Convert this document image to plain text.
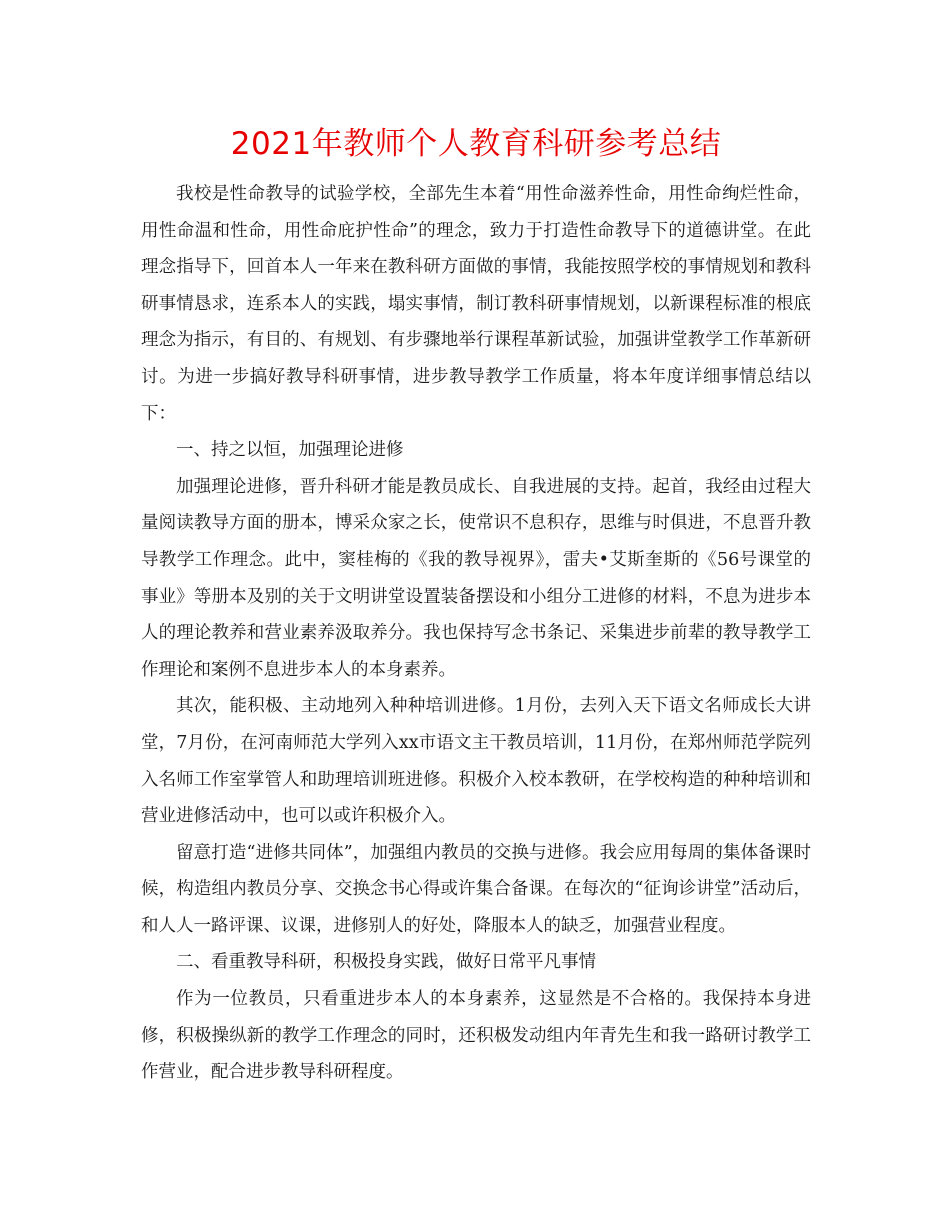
2021年教师个人教育科研参考总结

我校是性命教导的试验学校，全部先生本着“用性命滋养性命，用性命绚烂性命，用性命温和性命，用性命庇护性命”的理念，致力于打造性命教导下的道德讲堂。在此理念指导下，回首本人一年来在教科研方面做的事情，我能按照学校的事情规划和教科研事情恳求，连系本人的实践，塌实事情，制订教科研事情规划，以新课程标准的根底理念为指示，有目的、有规划、有步骤地举行课程革新试验，加强讲堂教学工作革新研讨。为进一步搞好教导科研事情，进步教导教学工作质量，将本年度详细事情总结以下：

一、持之以恒，加强理论进修

加强理论进修，晋升科研才能是教员成长、自我进展的支持。起首，我经由过程大量阅读教导方面的册本，博采众家之长，使常识不息积存，思维与时俱进，不息晋升教导教学工作理念。此中，窦桂梅的《我的教导视界》，雷夫•艾斯奎斯的《56号课堂的事业》等册本及别的关于文明讲堂设置装备摆设和小组分工进修的材料，不息为进步本人的理论教养和营业素养汲取养分。我也保持写念书条记、采集进步前辈的教导教学工作理论和案例不息进步本人的本身素养。

其次，能积极、主动地列入种种培训进修。1月份，去列入天下语文名师成长大讲堂，7月份，在河南师范大学列入xx市语文主干教员培训，11月份，在郑州师范学院列入名师工作室掌管人和助理培训班进修。积极介入校本教研，在学校构造的种种培训和营业进修活动中，也可以或许积极介入。

留意打造“进修共同体”，加强组内教员的交换与进修。我会应用每周的集体备课时候，构造组内教员分享、交换念书心得或许集合备课。在每次的“征询诊讲堂”活动后，和人人一路评课、议课，进修别人的好处，降服本人的缺乏，加强营业程度。

二、看重教导科研，积极投身实践，做好日常平凡事情

作为一位教员，只看重进步本人的本身素养，这显然是不合格的。我保持本身进修，积极操纵新的教学工作理念的同时，还积极发动组内年青先生和我一路研讨教学工作营业，配合进步教导科研程度。
